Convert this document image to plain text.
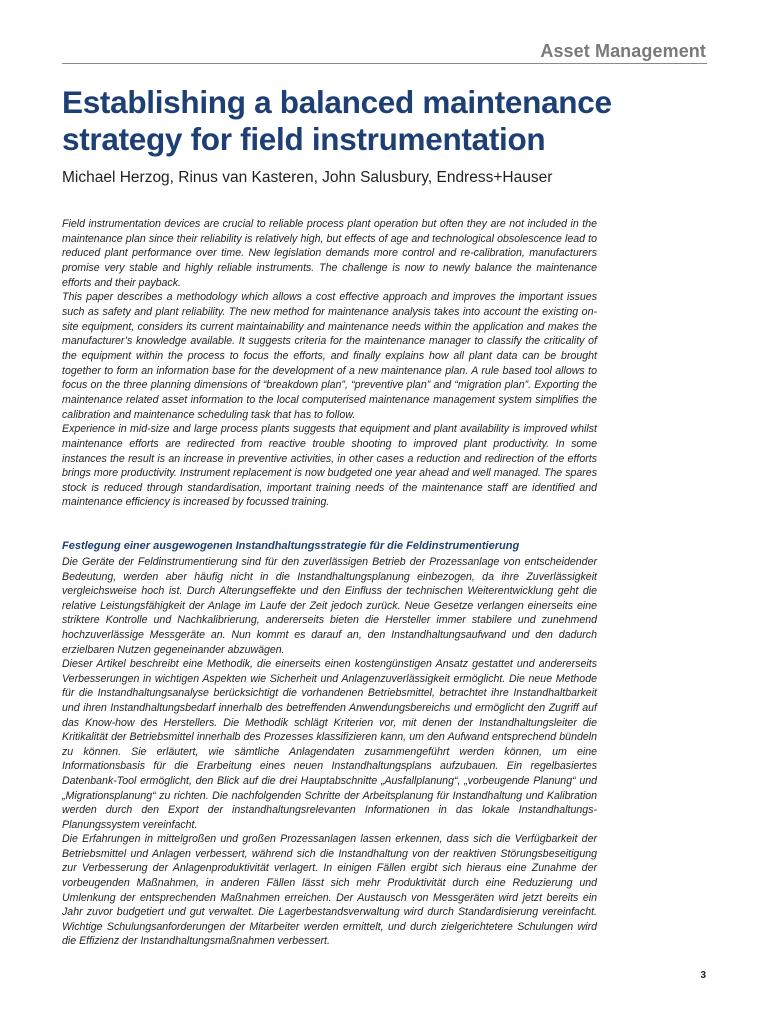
Asset Management
Establishing a balanced maintenance
strategy for field instrumentation
Michael Herzog, Rinus van Kasteren, John Salusbury, Endress+Hauser

Field instrumentation devices are crucial to reliable process plant operation but often they are not included in the maintenance plan since their reliability is relatively high, but effects of age and technological obsolescence lead to reduced plant performance over time. New legislation demands more control and re-calibration, manufacturers promise very stable and highly reliable instruments. The challenge is now to newly balance the maintenance efforts and their payback.

This paper describes a methodology which allows a cost effective approach and improves the important issues such as safety and plant reliability. The new method for maintenance analysis takes into account the existing on-site equipment, considers its current maintainability and maintenance needs within the application and makes the manufacturer’s knowledge available. It suggests criteria for the maintenance manager to classify the criticality of the equipment within the process to focus the efforts, and finally explains how all plant data can be brought together to form an information base for the development of a new maintenance plan. A rule based tool allows to focus on the three planning dimensions of “breakdown plan”, “preventive plan” and “migration plan”. Exporting the maintenance related asset information to the local computerised maintenance management system simplifies the calibration and maintenance scheduling task that has to follow.

Experience in mid-size and large process plants suggests that equipment and plant availability is improved whilst maintenance efforts are redirected from reactive trouble shooting to improved plant productivity. In some instances the result is an increase in preventive activities, in other cases a reduction and redirection of the efforts brings more productivity. Instrument replacement is now budgeted one year ahead and well managed. The spares stock is reduced through standardisation, important training needs of the maintenance staff are identified and maintenance efficiency is increased by focussed training.

Festlegung einer ausgewogenen Instandhaltungsstrategie für die Feldinstrumentierung

Die Geräte der Feldinstrumentierung sind für den zuverlässigen Betrieb der Prozessanlage von entscheidender Bedeutung, werden aber häufig nicht in die Instandhaltungsplanung einbezogen, da ihre Zuverlässigkeit vergleichsweise hoch ist. Durch Alterungseffekte und den Einfluss der technischen Weiterentwicklung geht die relative Leistungsfähigkeit der Anlage im Laufe der Zeit jedoch zurück. Neue Gesetze verlangen einerseits eine striktere Kontrolle und Nachkalibrierung, andererseits bieten die Hersteller immer stabilere und zunehmend hochzuverlässige Messgeräte an. Nun kommt es darauf an, den Instandhaltungsaufwand und den dadurch erzielbaren Nutzen gegeneinander abzuwägen.

Dieser Artikel beschreibt eine Methodik, die einerseits einen kostengünstigen Ansatz gestattet und andererseits Verbesserungen in wichtigen Aspekten wie Sicherheit und Anlagenzuverlässigkeit ermöglicht. Die neue Methode für die Instandhaltungsanalyse berücksichtigt die vorhandenen Betriebsmittel, betrachtet ihre Instandhaltbarkeit und ihren Instandhaltungsbedarf innerhalb des betreffenden Anwendungsbereichs und ermöglicht den Zugriff auf das Know-how des Herstellers. Die Methodik schlägt Kriterien vor, mit denen der Instandhaltungsleiter die Kritikalität der Betriebsmittel innerhalb des Prozesses klassifizieren kann, um den Aufwand entsprechend bündeln zu können. Sie erläutert, wie sämtliche Anlagendaten zusammengeführt werden können, um eine Informationsbasis für die Erarbeitung eines neuen Instandhaltungsplans aufzubauen. Ein regelbasiertes Datenbank-Tool ermöglicht, den Blick auf die drei Hauptabschnitte „Ausfallplanung“, „vorbeugende Planung“ und „Migrationsplanung“ zu richten. Die nachfolgenden Schritte der Arbeitsplanung für Instandhaltung und Kalibration werden durch den Export der instandhaltungsrelevanten Informationen in das lokale Instandhaltungs-Planungssystem vereinfacht.

Die Erfahrungen in mittelgroßen und großen Prozessanlagen lassen erkennen, dass sich die Verfügbarkeit der Betriebsmittel und Anlagen verbessert, während sich die Instandhaltung von der reaktiven Störungsbeseitigung zur Verbesserung der Anlagenproduktivität verlagert. In einigen Fällen ergibt sich hieraus eine Zunahme der vorbeugenden Maßnahmen, in anderen Fällen lässt sich mehr Produktivität durch eine Reduzierung und Umlenkung der entsprechenden Maßnahmen erreichen. Der Austausch von Messgeräten wird jetzt bereits ein Jahr zuvor budgetiert und gut verwaltet. Die Lagerbestandsverwaltung wird durch Standardisierung vereinfacht. Wichtige Schulungsanforderungen der Mitarbeiter werden ermittelt, und durch zielgerichtetere Schulungen wird die Effizienz der Instandhaltungsmaßnahmen verbessert.

3
